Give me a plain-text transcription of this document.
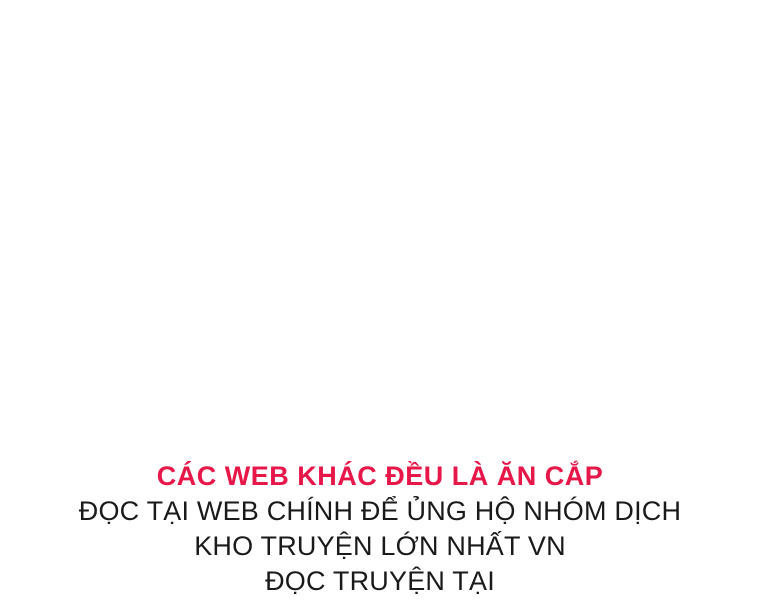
CÁC WEB KHÁC ĐỀU LÀ ĂN CẮP
ĐỌC TẠI WEB CHÍNH ĐỂ ỦNG HỘ NHÓM DỊCH
KHO TRUYỆN LỚN NHẤT VN
ĐỌC TRUYỆN TẠI
